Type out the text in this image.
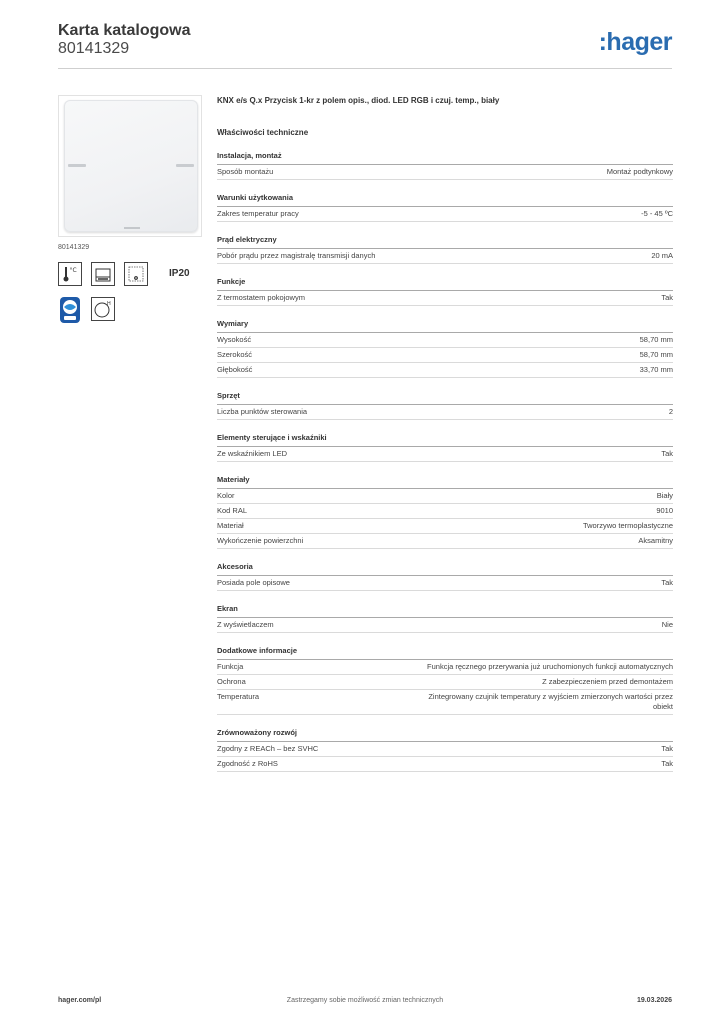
Karta katalogowa
80141329	:hager
80141329
°C	IP20
H
KNX e/s Q.x Przycisk 1-kr z polem opis., diod. LED RGB i czuj. temp., biały
Właściwości techniczne
Instalacja, montaż
Sposób montażu	Montaż podtynkowy
Warunki użytkowania
Zakres temperatur pracy	-5 - 45 ºC
Prąd elektryczny
Pobór prądu przez magistralę transmisji danych	20 mA
Funkcje
Z termostatem pokojowym	Tak
Wymiary
Wysokość	58,70 mm
Szerokość	58,70 mm
Głębokość	33,70 mm
Sprzęt
Liczba punktów sterowania	2
Elementy sterujące i wskaźniki
Ze wskaźnikiem LED	Tak
Materiały
Kolor	Biały
Kod RAL	9010
Materiał	Tworzywo termoplastyczne
Wykończenie powierzchni	Aksamitny
Akcesoria
Posiada pole opisowe	Tak
Ekran
Z wyświetlaczem	Nie
Dodatkowe informacje
Funkcja	Funkcja ręcznego przerywania już uruchomionych funkcji automatycznych
Ochrona	Z zabezpieczeniem przed demontażem
Temperatura	Zintegrowany czujnik temperatury z wyjściem zmierzonych wartości przez obiekt
Zrównoważony rozwój
Zgodny z REACh – bez SVHC	Tak
Zgodność z RoHS	Tak
hager.com/pl	Zastrzegamy sobie możliwość zmian technicznych	19.03.2026
